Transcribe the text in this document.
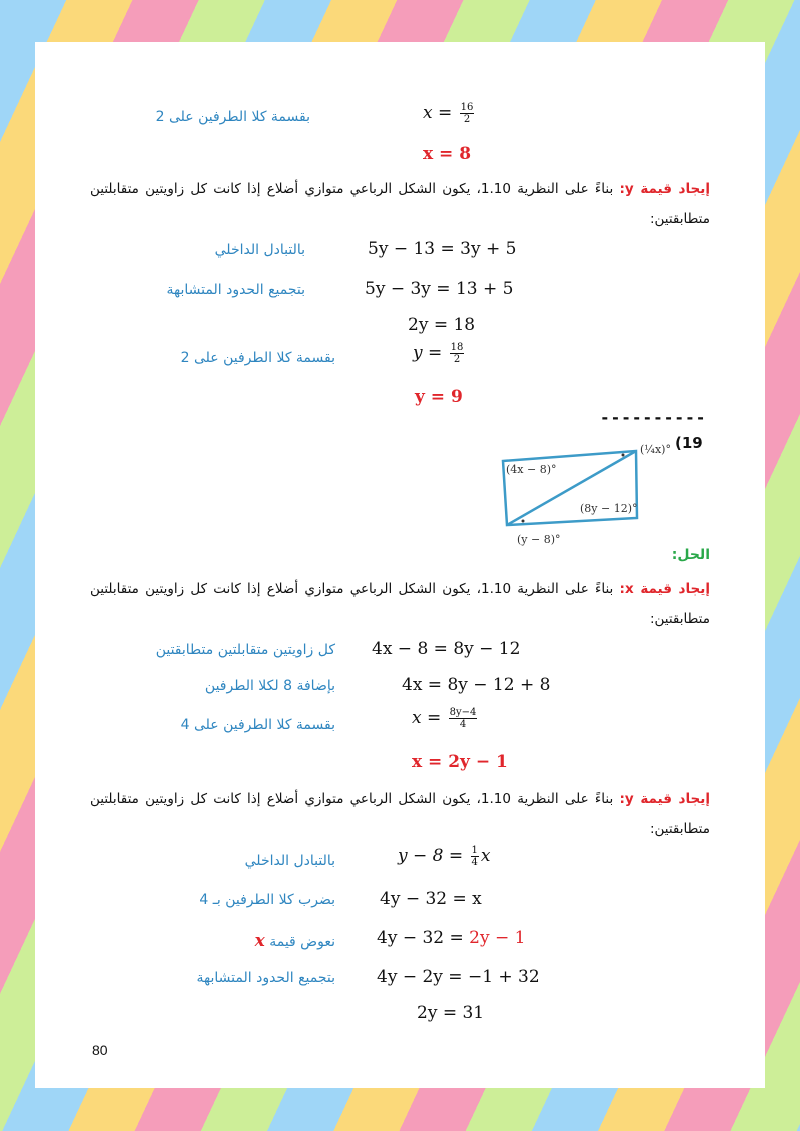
بقسمة كلا الطرفين على 2	$x = \frac{16}{2}$
x = 8
إيجاد قيمة y: بناءً على النظرية 1.10، يكون الشكل الرباعي متوازي أضلاع إذا كانت كل زاويتين متقابلتين متطابقتين:
بالتبادل الداخلي	5y − 13 = 3y + 5
بتجميع الحدود المتشابهة	5y − 3y = 13 + 5
2y = 18
بقسمة كلا الطرفين على 2	$y = \frac{18}{2}$
y = 9
----------
(19
(4x − 8)°
(¼x)°
(8y − 12)°
(y − 8)°
الحل:
إيجاد قيمة x: بناءً على النظرية 1.10، يكون الشكل الرباعي متوازي أضلاع إذا كانت كل زاويتين متقابلتين متطابقتين:
كل زاويتين متقابلتين متطابقتين 4x − 8 = 8y − 12
بإضافة 8 لكلا الطرفين	4x = 8y − 12 + 8
بقسمة كلا الطرفين على 4	$x = \frac{8y-4}{4}$
x = 2y − 1
إيجاد قيمة y: بناءً على النظرية 1.10، يكون الشكل الرباعي متوازي أضلاع إذا كانت كل زاويتين متقابلتين متطابقتين:
بالتبادل الداخلي	$y - 8 = \frac{1}{4}$ x
بضرب كلا الطرفين بـ 4	4y − 32 = x
نعوض قيمة x	4y − 32 = 2y − 1
بتجميع الحدود المتشابهة 4y − 2y = −1 + 32
2y = 31
80
